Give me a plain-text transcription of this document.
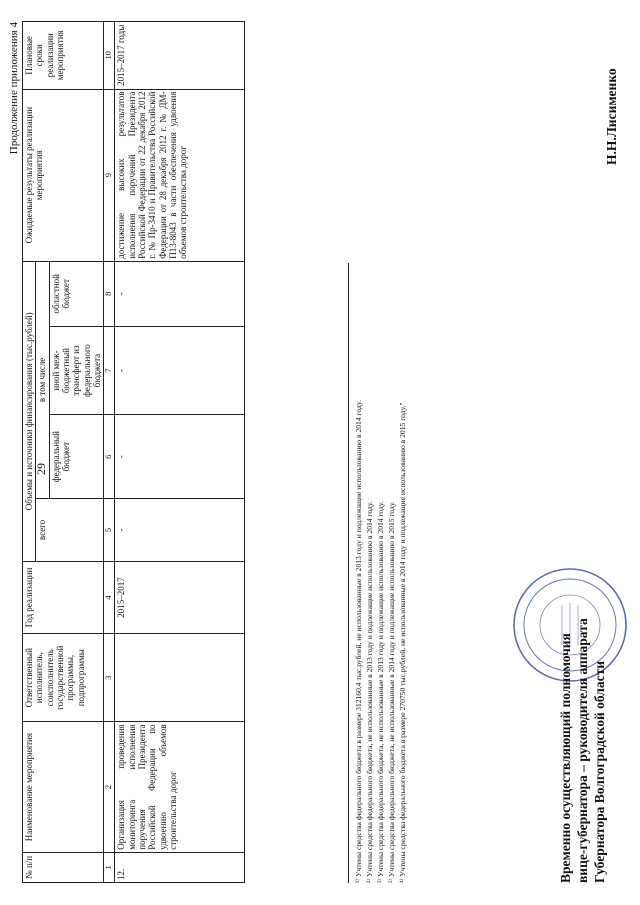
29
Продолжение приложения 4
№ п/п	Наименование мероприятия	Ответственный исполнитель, соисполнитель государственной программы, подпрограммы	Год реализации	Объемы и источники финансирования (тыс.рублей)				Ожидаемые результаты реализации мероприятия	Плановые сроки реализации мероприятия
				всего	в том числе				
					федеральный бюджет	иной меж-бюджетный трансферт из федерального бюджета	областной бюджет		
1	2	3	4	5	6	7	8	9	10
12.	Организация проведения мониторинга исполнения поручения Президента Российской Федерации по удвоению объемов строительства дорог		2015–2017	-	-	-	-	достижение высоких результатов исполнения поручений Президента Российской Федерации от 22 декабря 2012 г. № Пр-3410 и Правительства Российской Федерации от 28 декабря 2012 г. № ДМ-П13-8043 в части обеспечения удвоения объемов строительства дорог	2015–2017 годы
¹⁾ Учтены средства федерального бюджета в размере 312160,4 тыс.рублей, не использованные в 2013 году и подлежащие использованию в 2014 году. ²⁾ Учтены средства федерального бюджета, не использованные в 2013 году и подлежащие использованию в 2014 году. ³⁾ Учтены средства федерального бюджета, не использованные в 2013 году и подлежащие использованию в 2014 году. ³⁾ Учтены средства федерального бюджета, не использованные в 2014 году и подлежащие использованию в 2015 году. ⁴⁾ Учтены средства федерального бюджета в размере 270750 тыс.рублей, не использованные в 2014 году и подлежащие использованию в 2015 году."	Временно осуществляющий полномочия вице-губернатора – руководителя аппарата Губернатора Волгоградской области
Н.Н.Лисименко
